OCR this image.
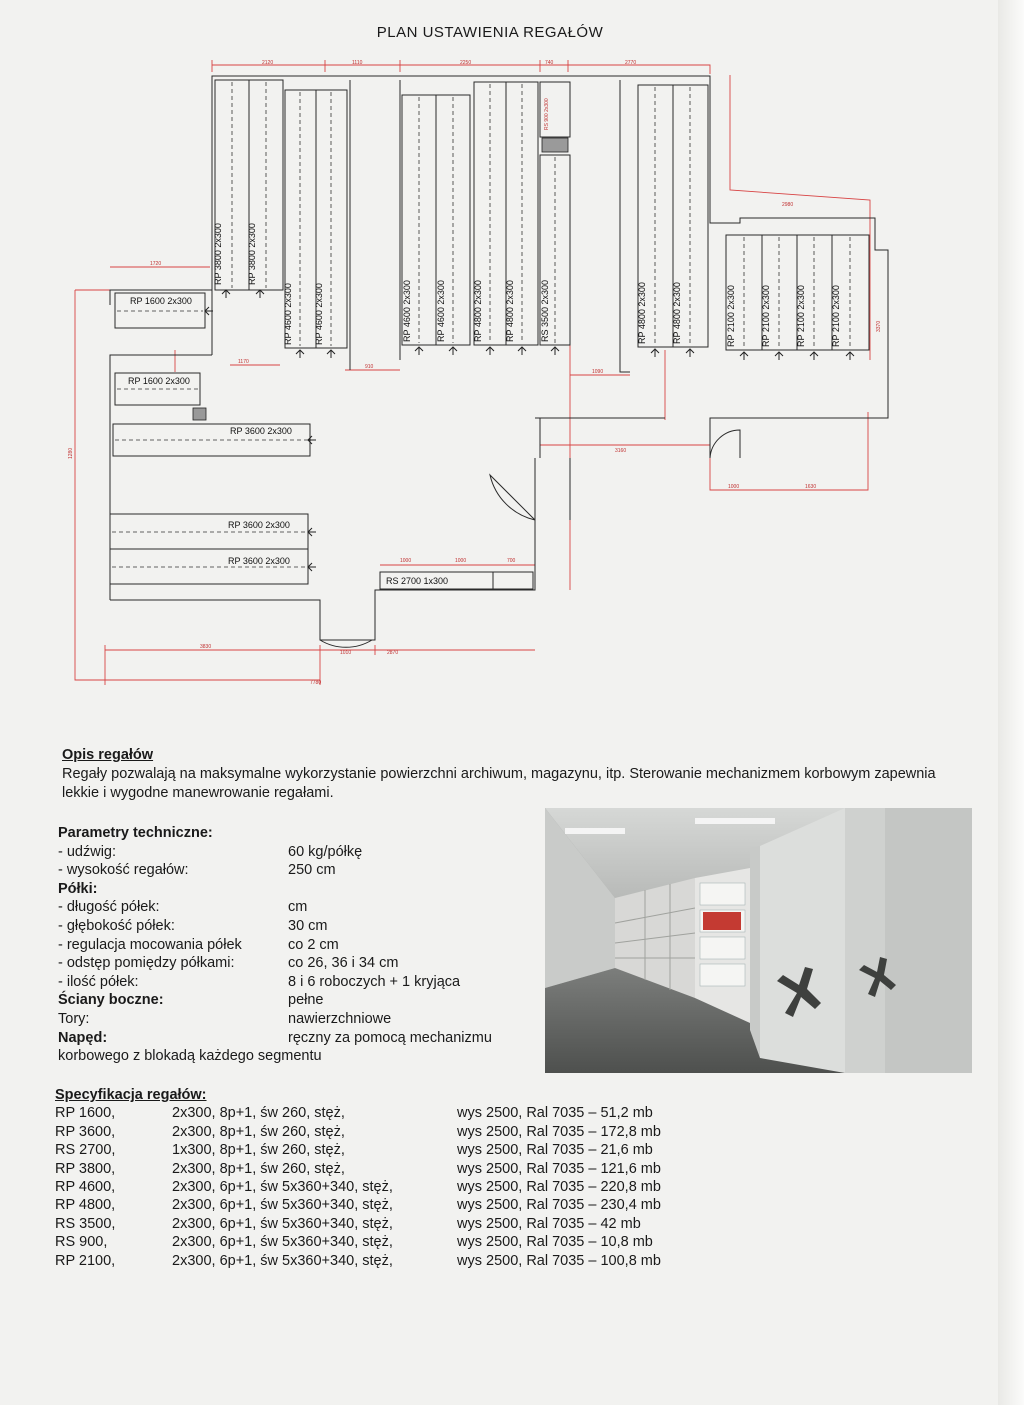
PLAN USTAWIENIA REGAŁÓW
2120	1110	2250	740	2770
1720
1170
910
1090
1280
3830
1010	2870
7780
3160
1000	1630
2980
3370
1000	1000	700
RP 1600 2x300
RP 1600 2x300
RP 3600 2x300
RP 3600 2x300
RP 3600 2x300
RS 2700 1x300
RP 3800 2x300	RP 3800 2x300
RP 4600 2x300 RP 4600 2x300	RP 4600 2x300	RP 4600 2x300	RP 4800 2x300 RP 4800 2x300	RS 3500 2x300
RS 900 2x300
RP 4800 2x300	RP 4800 2x300	RP 2100 2x300	RP 2100 2x300	RP 2100 2x300	RP 2100 2x300
Opis regałów
Regały pozwalają na maksymalne wykorzystanie powierzchni archiwum, magazynu, itp. Sterowanie mechanizmem korbowym zapewnia lekkie i wygodne manewrowanie regałami.
Parametry techniczne:
- udźwig:	60 kg/półkę
- wysokość regałów:	250 cm
Półki:
- długość półek:	cm
- głębokość półek:	30 cm
- regulacja mocowania półek	co 2 cm
- odstęp pomiędzy półkami:	co 26, 36 i 34 cm
- ilość półek:	8 i 6 roboczych + 1 kryjąca
Ściany boczne:	pełne
Tory:	nawierzchniowe
Napęd:	ręczny za pomocą mechanizmu
korbowego z blokadą każdego segmentu
Specyfikacja regałów:
RP 1600,	2x300, 8p+1, św 260, stęż,	wys 2500, Ral 7035 – 51,2 mb
RP 3600,	2x300, 8p+1, św 260, stęż,	wys 2500, Ral 7035 – 172,8 mb
RS 2700,	1x300, 8p+1, św 260, stęż,	wys 2500, Ral 7035 – 21,6 mb
RP 3800,	2x300, 8p+1, św 260, stęż,	wys 2500, Ral 7035 – 121,6 mb
RP 4600,	2x300, 6p+1, św 5x360+340, stęż,	wys 2500, Ral 7035 – 220,8 mb
RP 4800,	2x300, 6p+1, św 5x360+340, stęż,	wys 2500, Ral 7035 – 230,4 mb
RS 3500,	2x300, 6p+1, św 5x360+340, stęż,	wys 2500, Ral 7035 – 42 mb
RS 900,	2x300, 6p+1, św 5x360+340, stęż,	wys 2500, Ral 7035 – 10,8 mb
RP 2100,	2x300, 6p+1, św 5x360+340, stęż,	wys 2500, Ral 7035 – 100,8 mb
